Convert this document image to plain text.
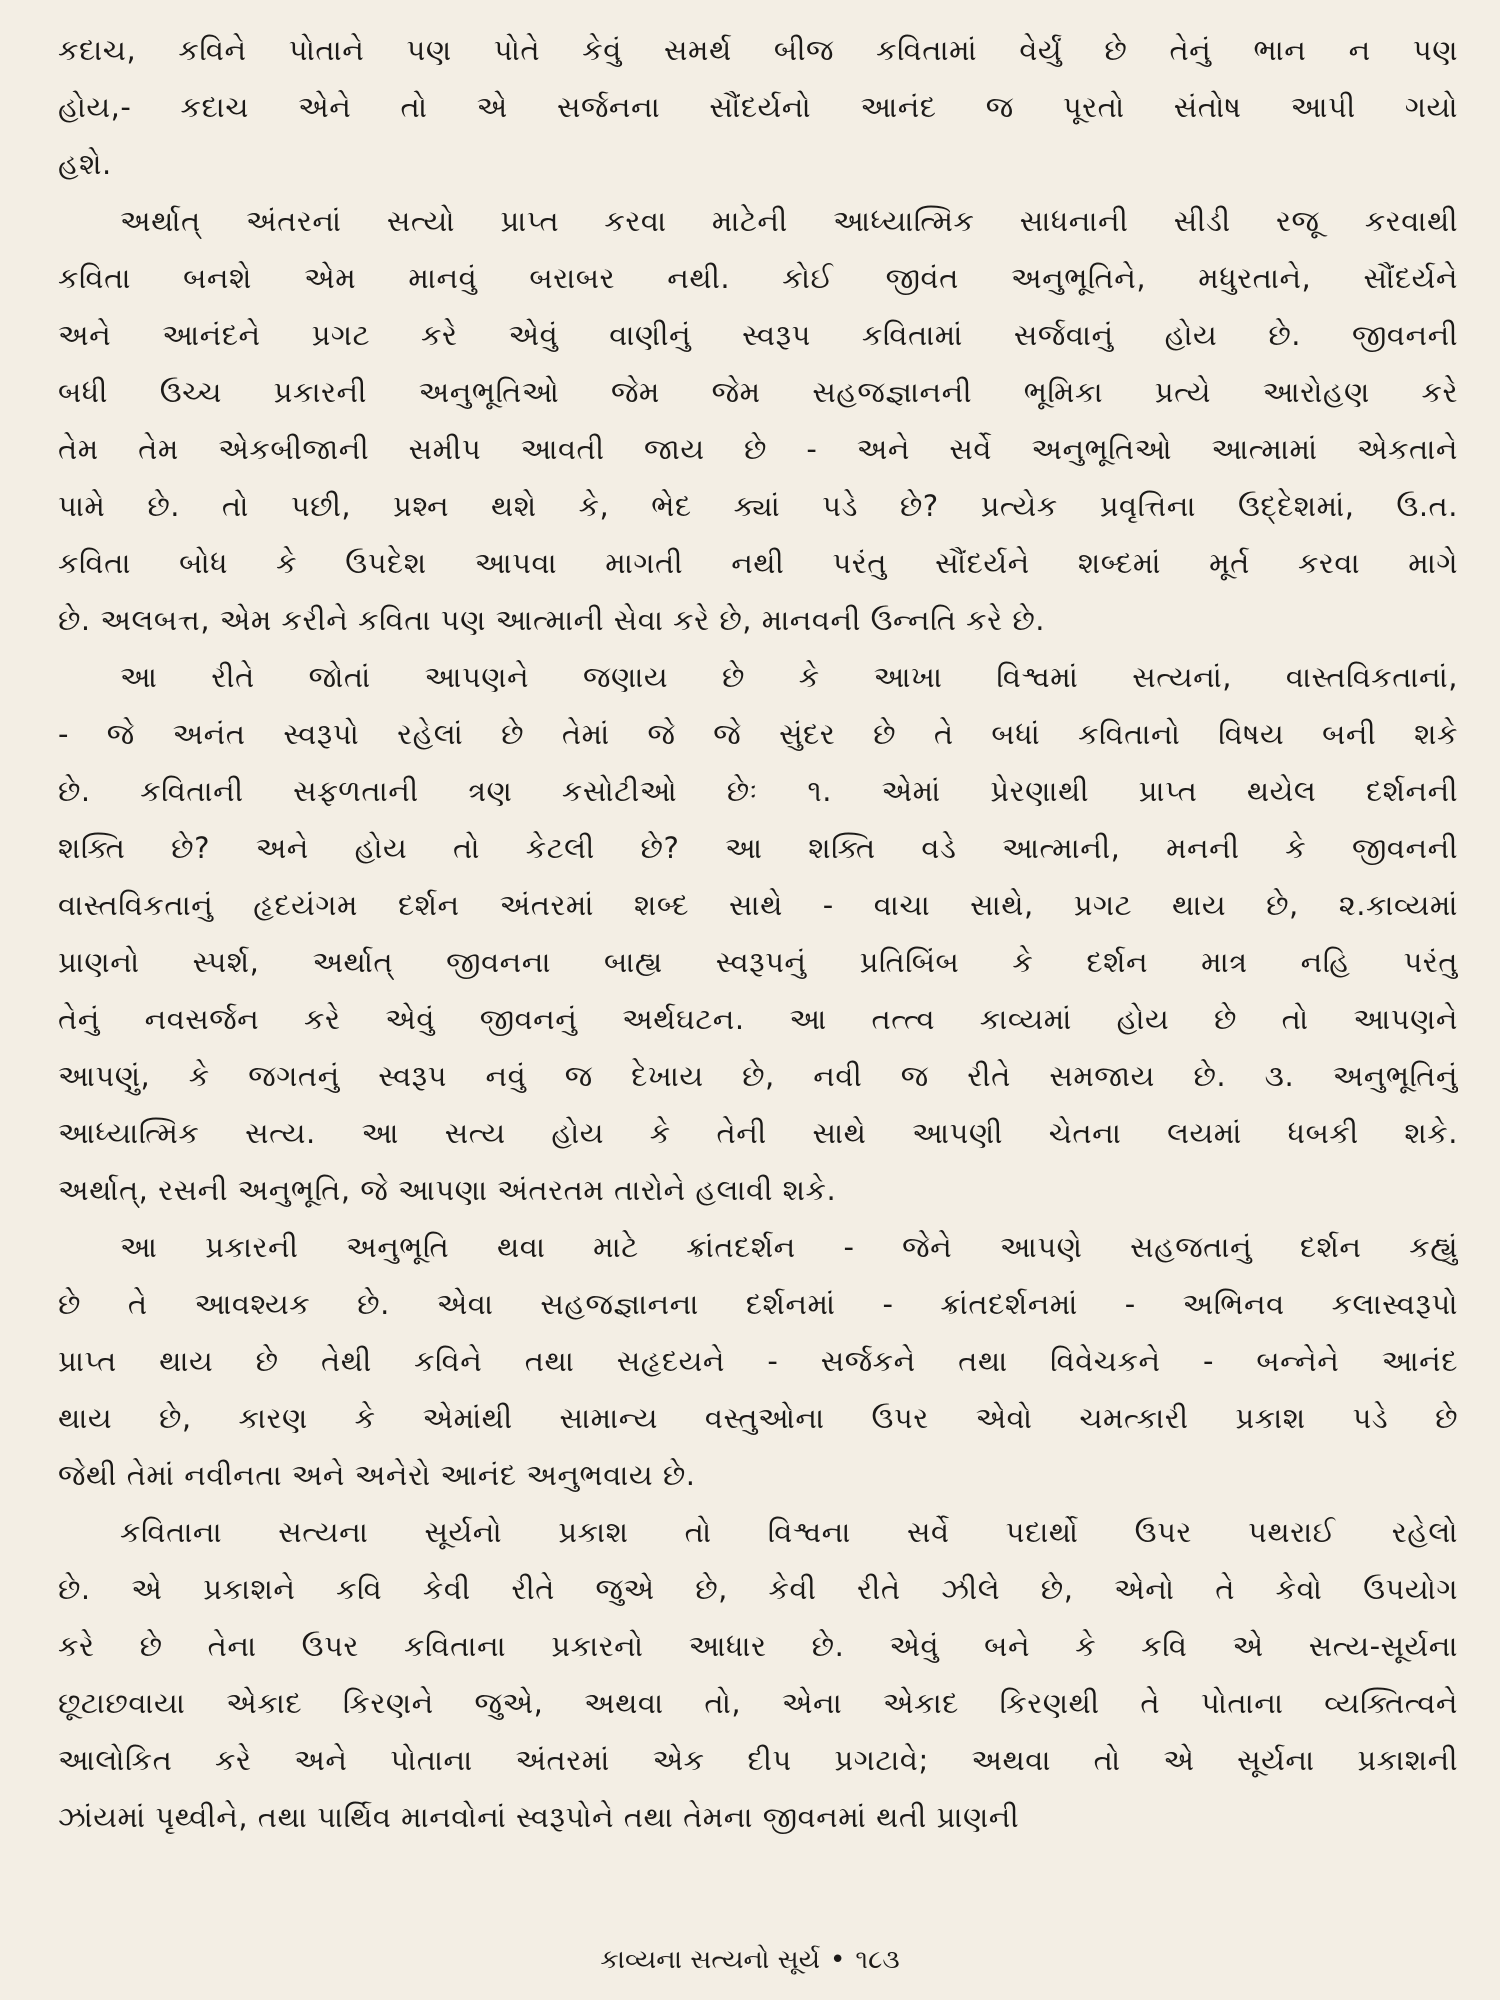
કદાચ, કવિને પોતાને પણ પોતે કેવું સમર્થ બીજ કવિતામાં વેર્યું છે તેનું ભાન ન પણ
હોય,- કદાચ એને તો એ સર્જનના સૌંદર્યનો આનંદ જ પૂરતો સંતોષ આપી ગયો
હશે.
અર્થાત્ અંતરનાં સત્યો પ્રાપ્ત કરવા માટેની આધ્યાત્મિક સાધનાની સીડી રજૂ કરવાથી
કવિતા બનશે એમ માનવું બરાબર નથી. કોઈ જીવંત અનુભૂતિને, મધુરતાને, સૌંદર્યને
અને આનંદને પ્રગટ કરે એવું વાણીનું સ્વરૂપ કવિતામાં સર્જવાનું હોય છે. જીવનની
બધી ઉચ્ચ પ્રકારની અનુભૂતિઓ જેમ જેમ સહજજ્ઞાનની ભૂમિકા પ્રત્યે આરોહણ કરે
તેમ તેમ એકબીજાની સમીપ આવતી જાય છે - અને સર્વે અનુભૂતિઓ આત્મામાં એકતાને
પામે છે. તો પછી, પ્રશ્ન થશે કે, ભેદ ક્યાં પડે છે? પ્રત્યેક પ્રવૃત્તિના ઉદ્દેશમાં, ઉ.ત.
કવિતા બોધ કે ઉપદેશ આપવા માગતી નથી પરંતુ સૌંદર્યને શબ્દમાં મૂર્ત કરવા માગે
છે. અલબત્ત, એમ કરીને કવિતા પણ આત્માની સેવા કરે છે, માનવની ઉન્નતિ કરે છે.
આ રીતે જોતાં આપણને જણાય છે કે આખા વિશ્વમાં સત્યનાં, વાસ્તવિકતાનાં,
- જે અનંત સ્વરૂપો રહેલાં છે તેમાં જે જે સુંદર છે તે બધાં કવિતાનો વિષય બની શકે
છે. કવિતાની સફળતાની ત્રણ કસોટીઓ છેઃ ૧. એમાં પ્રેરણાથી પ્રાપ્ત થયેલ દર્શનની
શક્તિ છે? અને હોય તો કેટલી છે? આ શક્તિ વડે આત્માની, મનની કે જીવનની
વાસ્તવિકતાનું હૃદયંગમ દર્શન અંતરમાં શબ્દ સાથે - વાચા સાથે, પ્રગટ થાય છે, ૨.કાવ્યમાં
પ્રાણનો સ્પર્શ, અર્થાત્ જીવનના બાહ્ય સ્વરૂપનું પ્રતિબિંબ કે દર્શન માત્ર નહિ પરંતુ
તેનું નવસર્જન કરે એવું જીવનનું અર્થઘટન. આ તત્ત્વ કાવ્યમાં હોય છે તો આપણને
આપણું, કે જગતનું સ્વરૂપ નવું જ દેખાય છે, નવી જ રીતે સમજાય છે. ૩. અનુભૂતિનું
આધ્યાત્મિક સત્ય. આ સત્ય હોય કે તેની સાથે આપણી ચેતના લયમાં ધબકી શકે.
અર્થાત્, રસની અનુભૂતિ, જે આપણા અંતરતમ તારોને હલાવી શકે.
આ પ્રકારની અનુભૂતિ થવા માટે ક્રાંતદર્શન - જેને આપણે સહજતાનું દર્શન કહ્યું
છે તે આવશ્યક છે. એવા સહજજ્ઞાનના દર્શનમાં - ક્રાંતદર્શનમાં - અભિનવ કલાસ્વરૂપો
પ્રાપ્ત થાય છે તેથી કવિને તથા સહૃદયને - સર્જકને તથા વિવેચકને - બન્નેને આનંદ
થાય છે, કારણ કે એમાંથી સામાન્ય વસ્તુઓના ઉપર એવો ચમત્કારી પ્રકાશ પડે છે
જેથી તેમાં નવીનતા અને અનેરો આનંદ અનુભવાય છે.
કવિતાના સત્યના સૂર્યનો પ્રકાશ તો વિશ્વના સર્વે પદાર્થો ઉપર પથરાઈ રહેલો
છે. એ પ્રકાશને કવિ કેવી રીતે જુએ છે, કેવી રીતે ઝીલે છે, એનો તે કેવો ઉપયોગ
કરે છે તેના ઉપર કવિતાના પ્રકારનો આધાર છે. એવું બને કે કવિ એ સત્ય-સૂર્યના
છૂટાછવાયા એકાદ કિરણને જુએ, અથવા તો, એના એકાદ કિરણથી તે પોતાના વ્યક્તિત્વને
આલોકિત કરે અને પોતાના અંતરમાં એક દીપ પ્રગટાવે; અથવા તો એ સૂર્યના પ્રકાશની
ઝાંયમાં પૃથ્વીને, તથા પાર્થિવ માનવોનાં સ્વરૂપોને તથા તેમના જીવનમાં થતી પ્રાણની
કાવ્યના સત્યનો સૂર્ય • ૧૮૩
